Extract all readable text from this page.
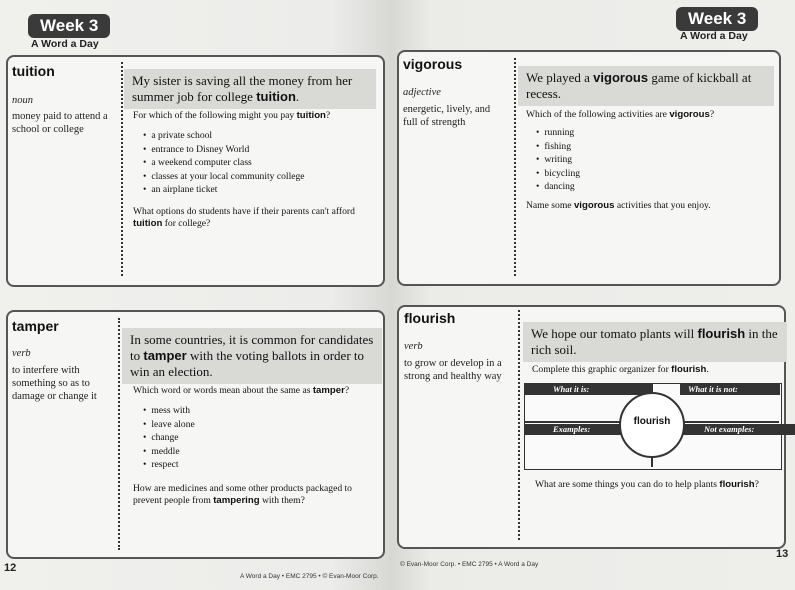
Week 3
A Word a Day
Week 3
A Word a Day
tuition
noun
money paid to attend a school or college
My sister is saving all the money from her summer job for college tuition.
For which of the following might you pay tuition?
• a private school
• entrance to Disney World
• a weekend computer class
• classes at your local community college
• an airplane ticket
What options do students have if their parents can't afford tuition for college?
vigorous
adjective
energetic, lively, and full of strength
We played a vigorous game of kickball at recess.
Which of the following activities are vigorous?
• running
• fishing
• writing
• bicycling
• dancing
Name some vigorous activities that you enjoy.
tamper
verb
to interfere with something so as to damage or change it
In some countries, it is common for candidates to tamper with the voting ballots in order to win an election.
Which word or words mean about the same as tamper?
• mess with
• leave alone
• change
• meddle
• respect
How are medicines and some other products packaged to prevent people from tampering with them?
flourish
verb
to grow or develop in a strong and healthy way
We hope our tomato plants will flourish in the rich soil.
Complete this graphic organizer for flourish.
What it is:	What it is not:
Examples:	Not examples:
flourish
What are some things you can do to help plants flourish?
12
A Word a Day • EMC 2795 • © Evan-Moor Corp.
© Evan-Moor Corp. • EMC 2795 • A Word a Day
13
